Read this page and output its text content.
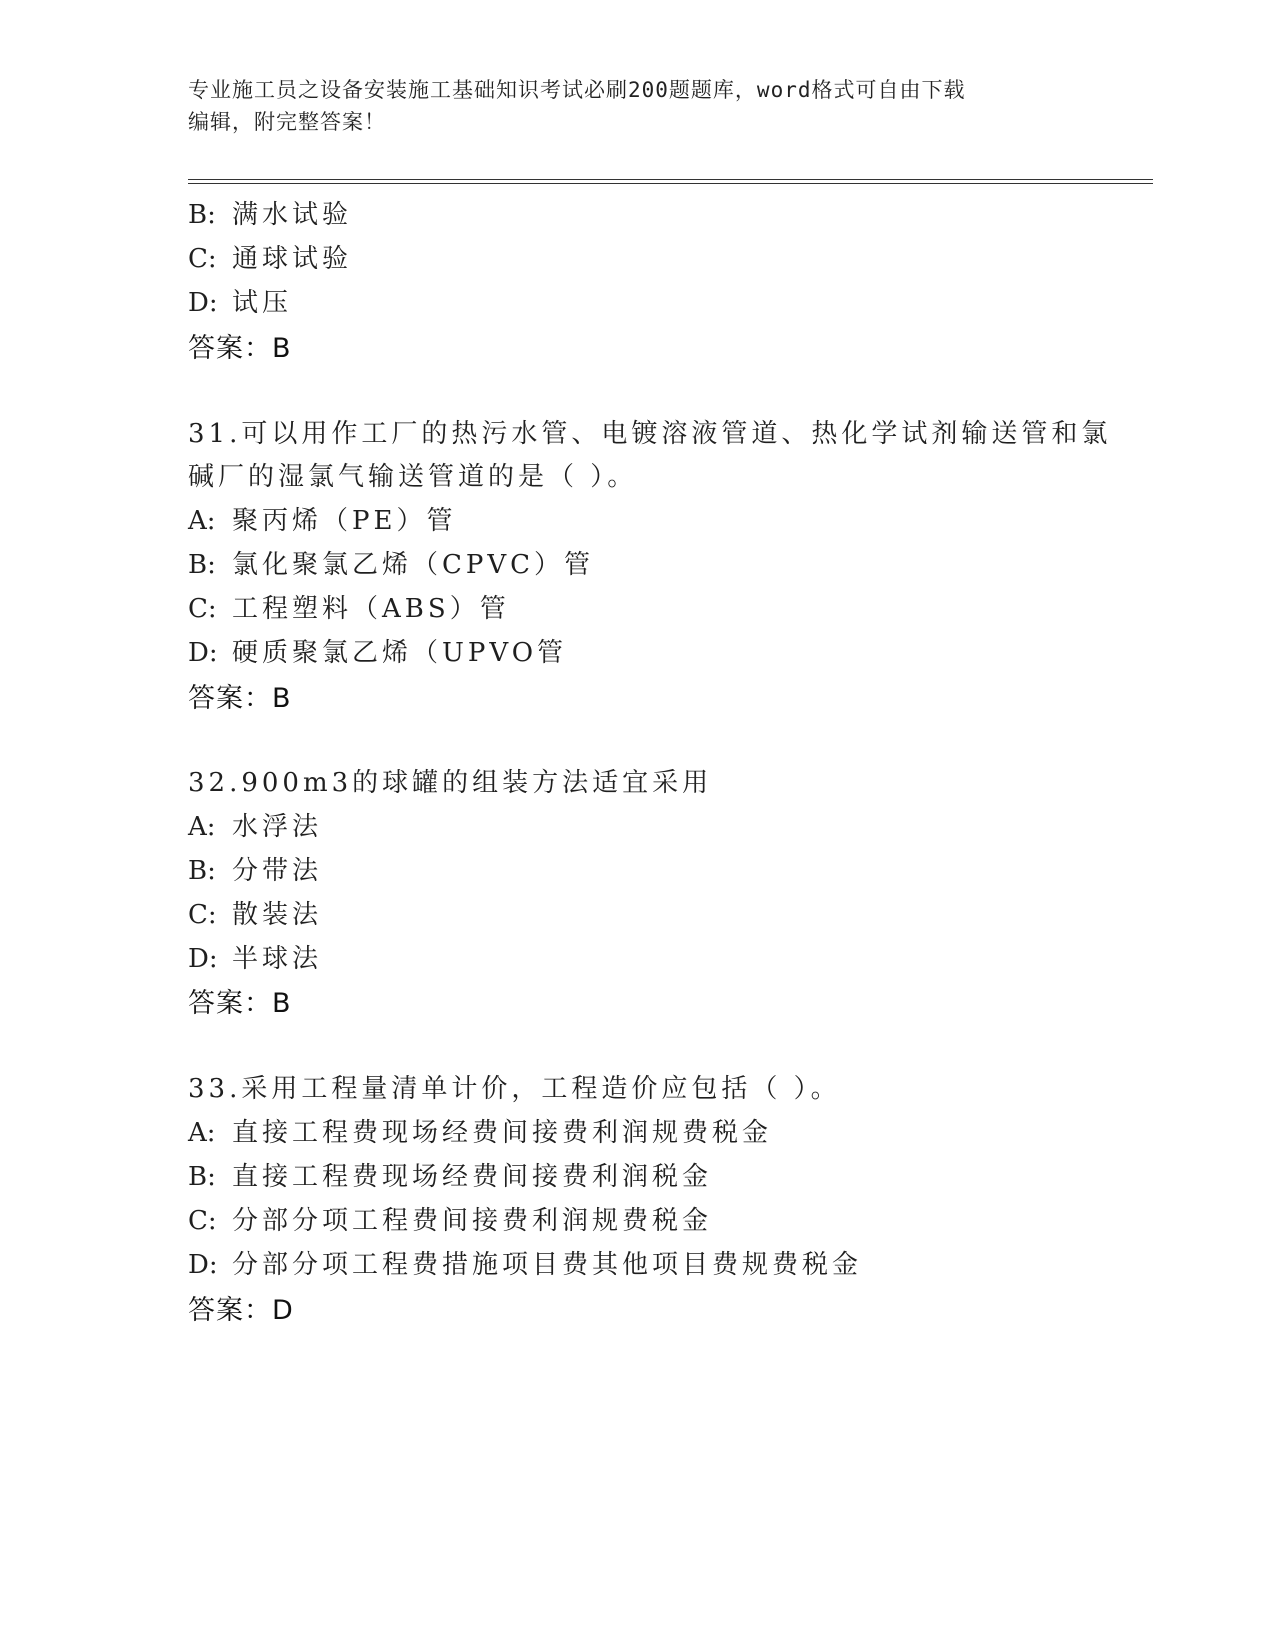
专业施工员之设备安装施工基础知识考试必刷200题题库，word格式可自由下载
编辑，附完整答案！
B: 满水试验
C: 通球试验
D: 试压
答案：B
31.可以用作工厂的热污水管、电镀溶液管道、热化学试剂输送管和氯
碱厂的湿氯气输送管道的是（ ）。
A: 聚丙烯（PE）管
B: 氯化聚氯乙烯（CPVC）管
C: 工程塑料（ABS）管
D: 硬质聚氯乙烯（UPVO管
答案：B
32.900m3的球罐的组装方法适宜采用
A: 水浮法
B: 分带法
C: 散装法
D: 半球法
答案：B
33.采用工程量清单计价，工程造价应包括（ ）。
A: 直接工程费现场经费间接费利润规费税金
B: 直接工程费现场经费间接费利润税金
C: 分部分项工程费间接费利润规费税金
D: 分部分项工程费措施项目费其他项目费规费税金
答案：D
